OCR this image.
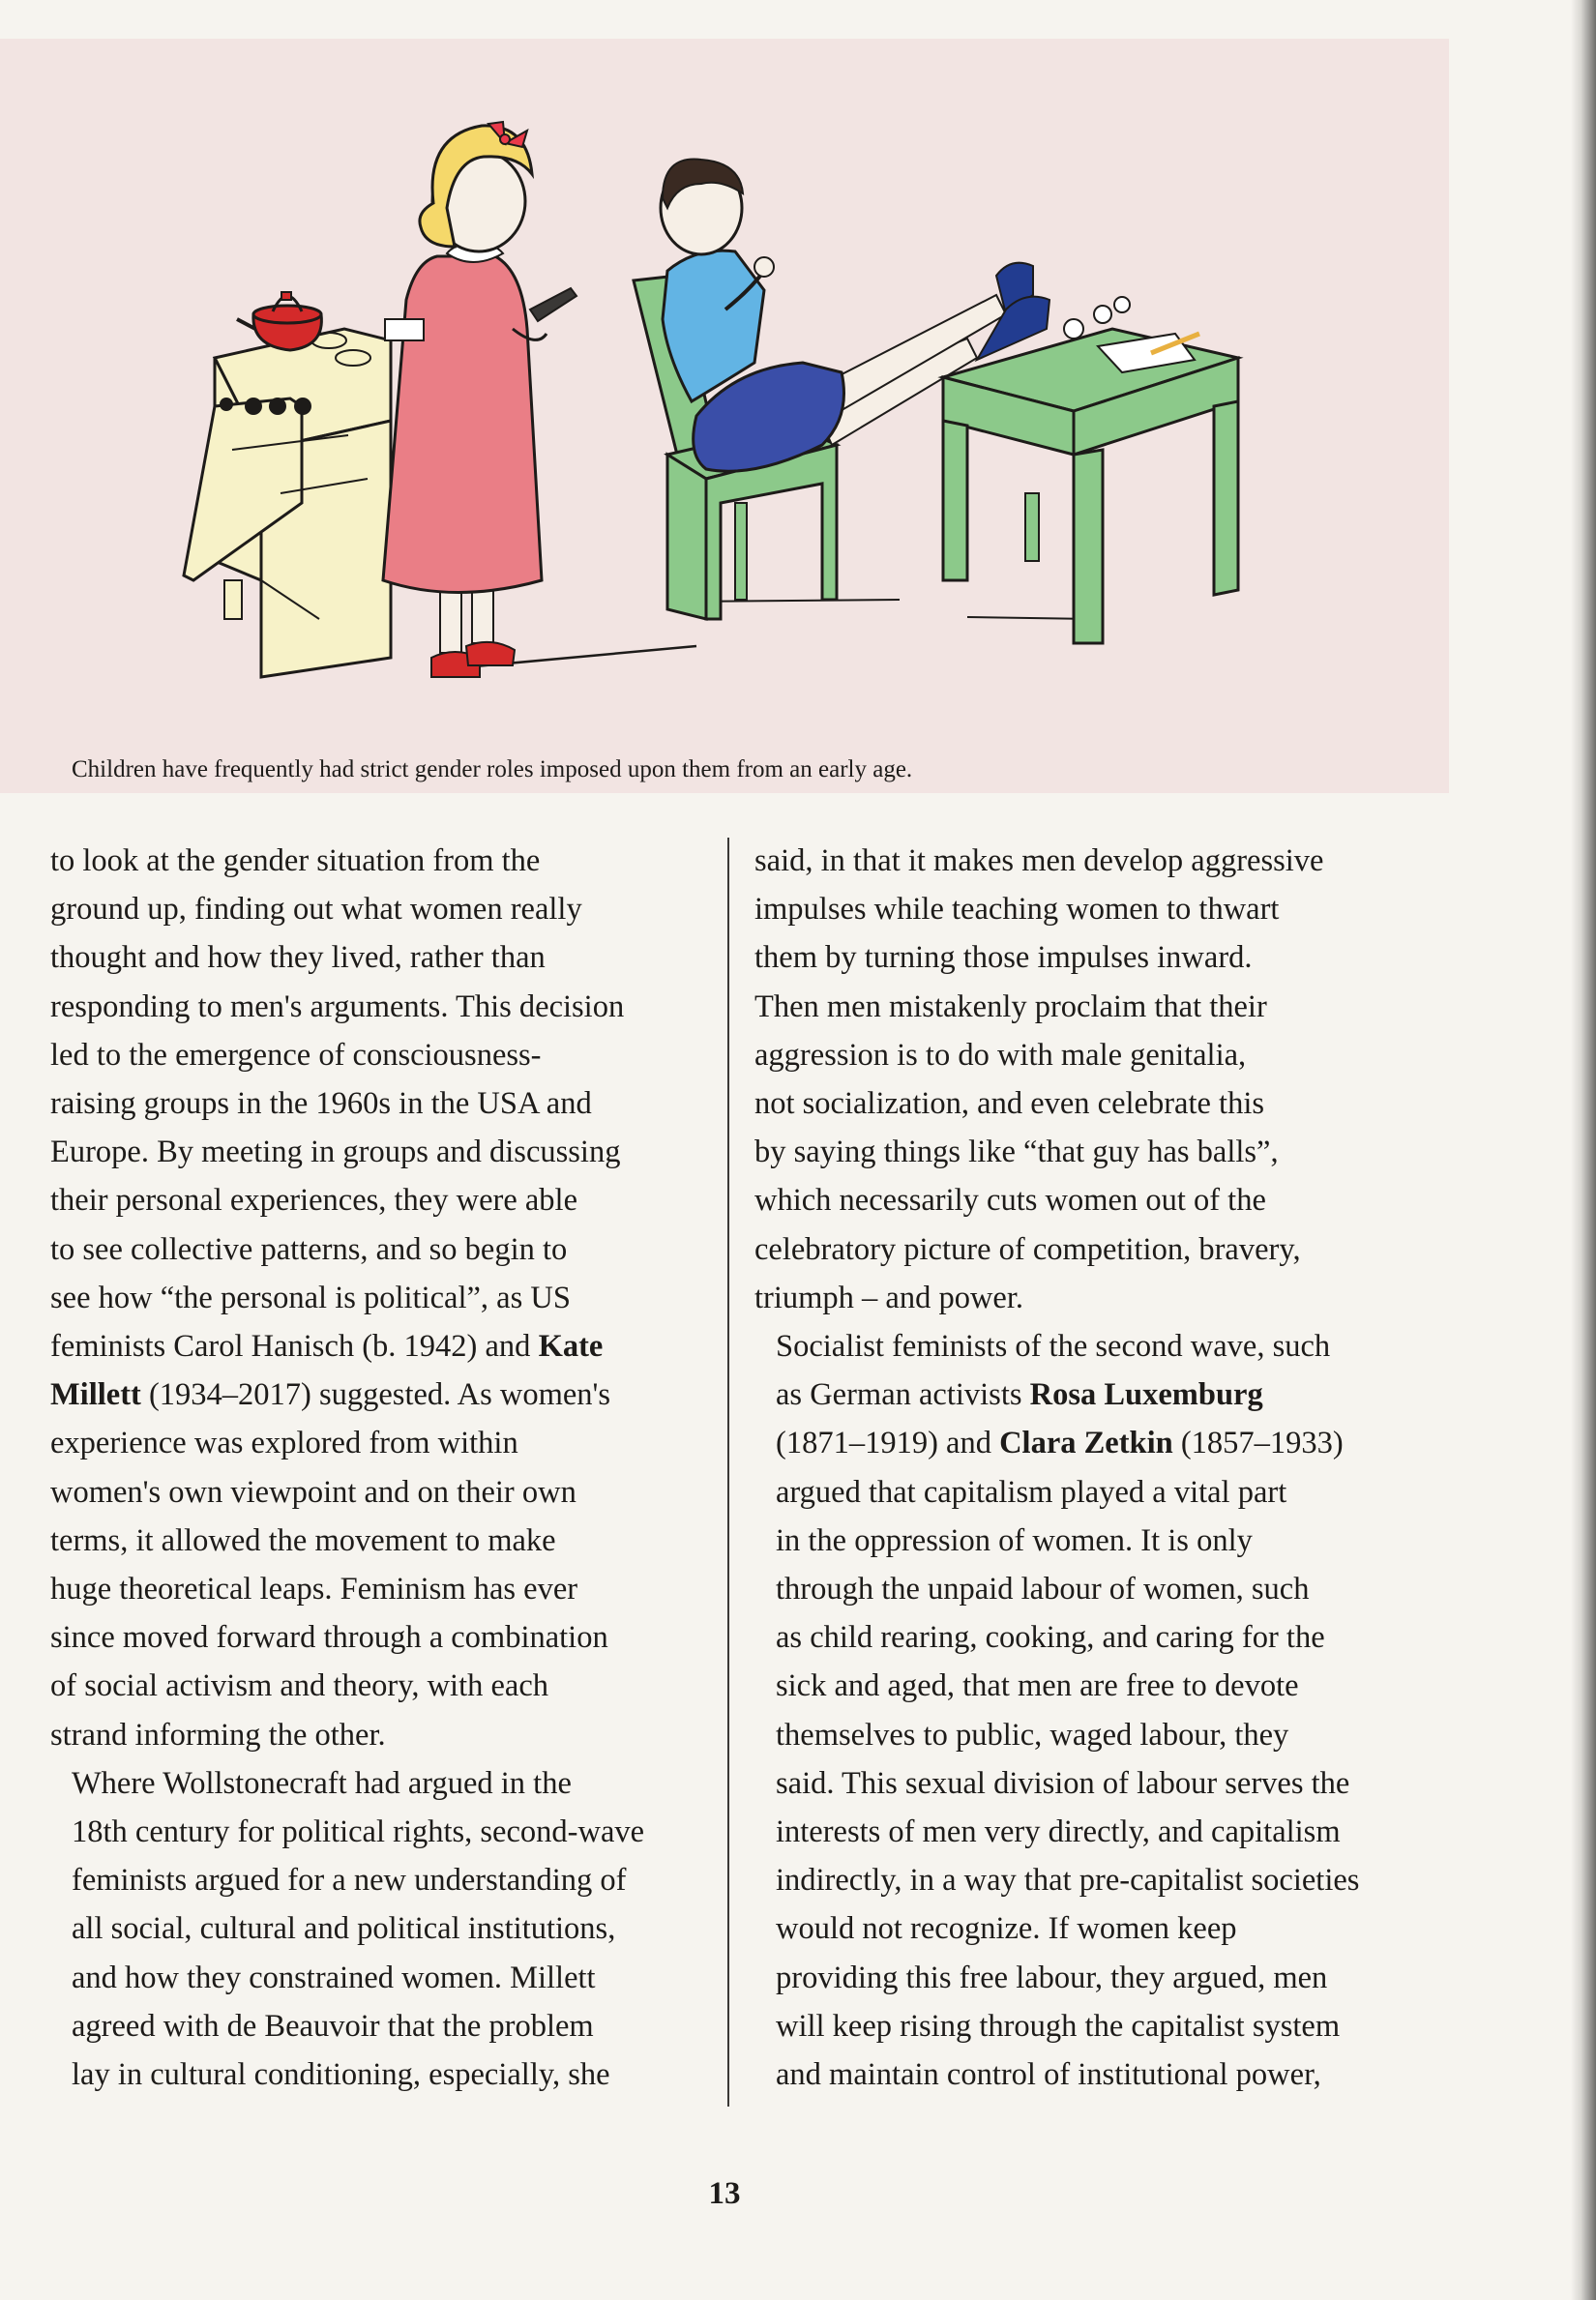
Children have frequently had strict gender roles imposed upon them from an early age.

to look at the gender situation from the
ground up, finding out what women really
thought and how they lived, rather than
responding to men's arguments. This decision
led to the emergence of consciousness-
raising groups in the 1960s in the USA and
Europe. By meeting in groups and discussing
their personal experiences, they were able
to see collective patterns, and so begin to
see how “the personal is political”, as US
feminists Carol Hanisch (b. 1942) and Kate
Millett (1934–2017) suggested. As women's
experience was explored from within
women's own viewpoint and on their own
terms, it allowed the movement to make
huge theoretical leaps. Feminism has ever
since moved forward through a combination
of social activism and theory, with each
strand informing the other.

Where Wollstonecraft had argued in the
18th century for political rights, second-wave
feminists argued for a new understanding of
all social, cultural and political institutions,
and how they constrained women. Millett
agreed with de Beauvoir that the problem
lay in cultural conditioning, especially, she

said, in that it makes men develop aggressive
impulses while teaching women to thwart
them by turning those impulses inward.
Then men mistakenly proclaim that their
aggression is to do with male genitalia,
not socialization, and even celebrate this
by saying things like “that guy has balls”,
which necessarily cuts women out of the
celebratory picture of competition, bravery,
triumph – and power.

Socialist feminists of the second wave, such
as German activists Rosa Luxemburg
(1871–1919) and Clara Zetkin (1857–1933)
argued that capitalism played a vital part
in the oppression of women. It is only
through the unpaid labour of women, such
as child rearing, cooking, and caring for the
sick and aged, that men are free to devote
themselves to public, waged labour, they
said. This sexual division of labour serves the
interests of men very directly, and capitalism
indirectly, in a way that pre-capitalist societies
would not recognize. If women keep
providing this free labour, they argued, men
will keep rising through the capitalist system
and maintain control of institutional power,

13
